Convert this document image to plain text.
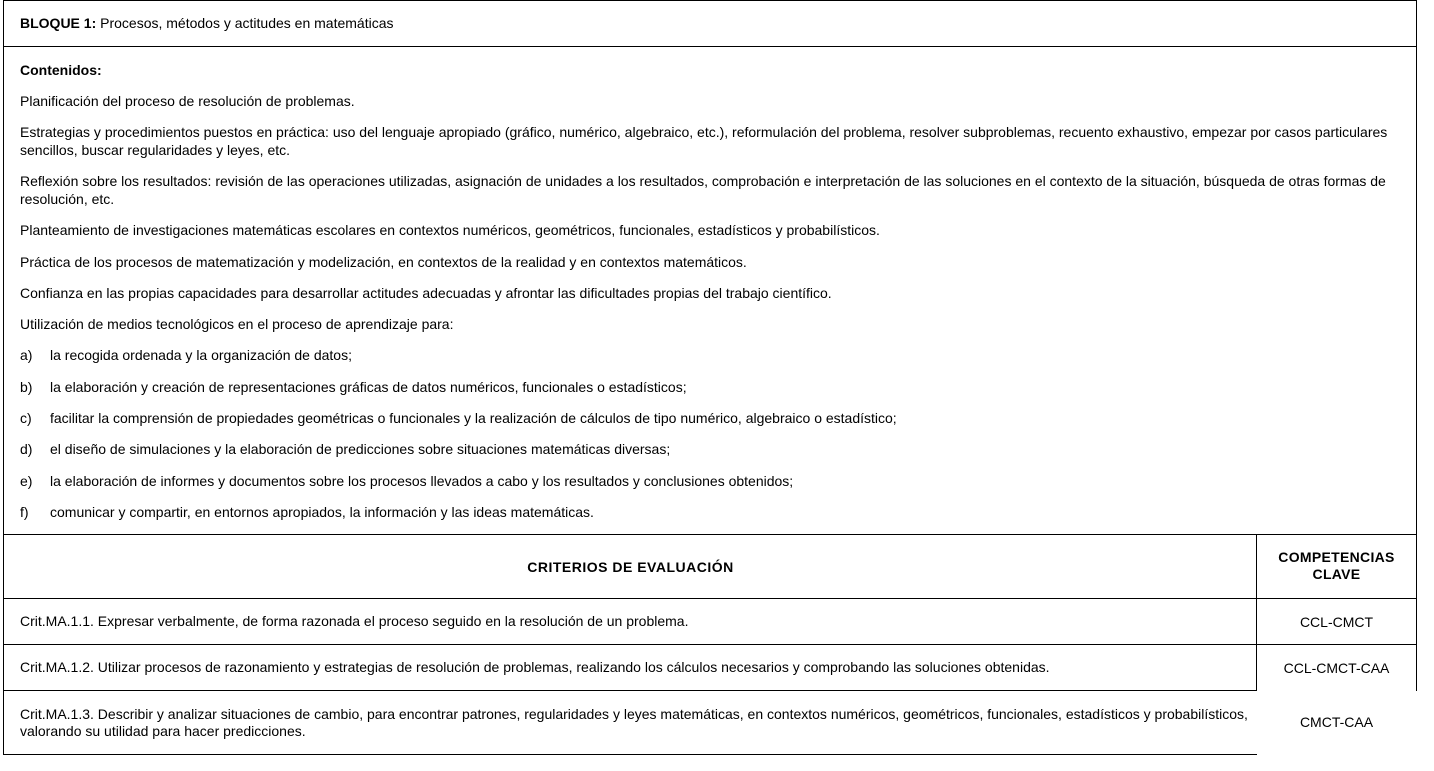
BLOQUE 1: Procesos, métodos y actitudes en matemáticas
Contenidos:
Planificación del proceso de resolución de problemas.
Estrategias y procedimientos puestos en práctica: uso del lenguaje apropiado (gráfico, numérico, algebraico, etc.), reformulación del problema, resolver subproblemas, recuento exhaustivo, empezar por casos particulares sencillos, buscar regularidades y leyes, etc.
Reflexión sobre los resultados: revisión de las operaciones utilizadas, asignación de unidades a los resultados, comprobación e interpretación de las soluciones en el contexto de la situación, búsqueda de otras formas de resolución, etc.
Planteamiento de investigaciones matemáticas escolares en contextos numéricos, geométricos, funcionales, estadísticos y probabilísticos.
Práctica de los procesos de matematización y modelización, en contextos de la realidad y en contextos matemáticos.
Confianza en las propias capacidades para desarrollar actitudes adecuadas y afrontar las dificultades propias del trabajo científico.
Utilización de medios tecnológicos en el proceso de aprendizaje para:
a) la recogida ordenada y la organización de datos;
b) la elaboración y creación de representaciones gráficas de datos numéricos, funcionales o estadísticos;
c) facilitar la comprensión de propiedades geométricas o funcionales y la realización de cálculos de tipo numérico, algebraico o estadístico;
d) el diseño de simulaciones y la elaboración de predicciones sobre situaciones matemáticas diversas;
e) la elaboración de informes y documentos sobre los procesos llevados a cabo y los resultados y conclusiones obtenidos;
f) comunicar y compartir, en entornos apropiados, la información y las ideas matemáticas.
CRITERIOS DE EVALUACIÓN
COMPETENCIAS CLAVE
Crit.MA.1.1. Expresar verbalmente, de forma razonada el proceso seguido en la resolución de un problema.	CCL-CMCT
Crit.MA.1.2. Utilizar procesos de razonamiento y estrategias de resolución de problemas, realizando los cálculos necesarios y comprobando las soluciones obtenidas.	CCL-CMCT-CAA
Crit.MA.1.3. Describir y analizar situaciones de cambio, para encontrar patrones, regularidades y leyes matemáticas, en contextos numéricos, geométricos, funcionales, estadísticos y probabilísticos, valorando su utilidad para hacer predicciones.
CMCT-CAA
